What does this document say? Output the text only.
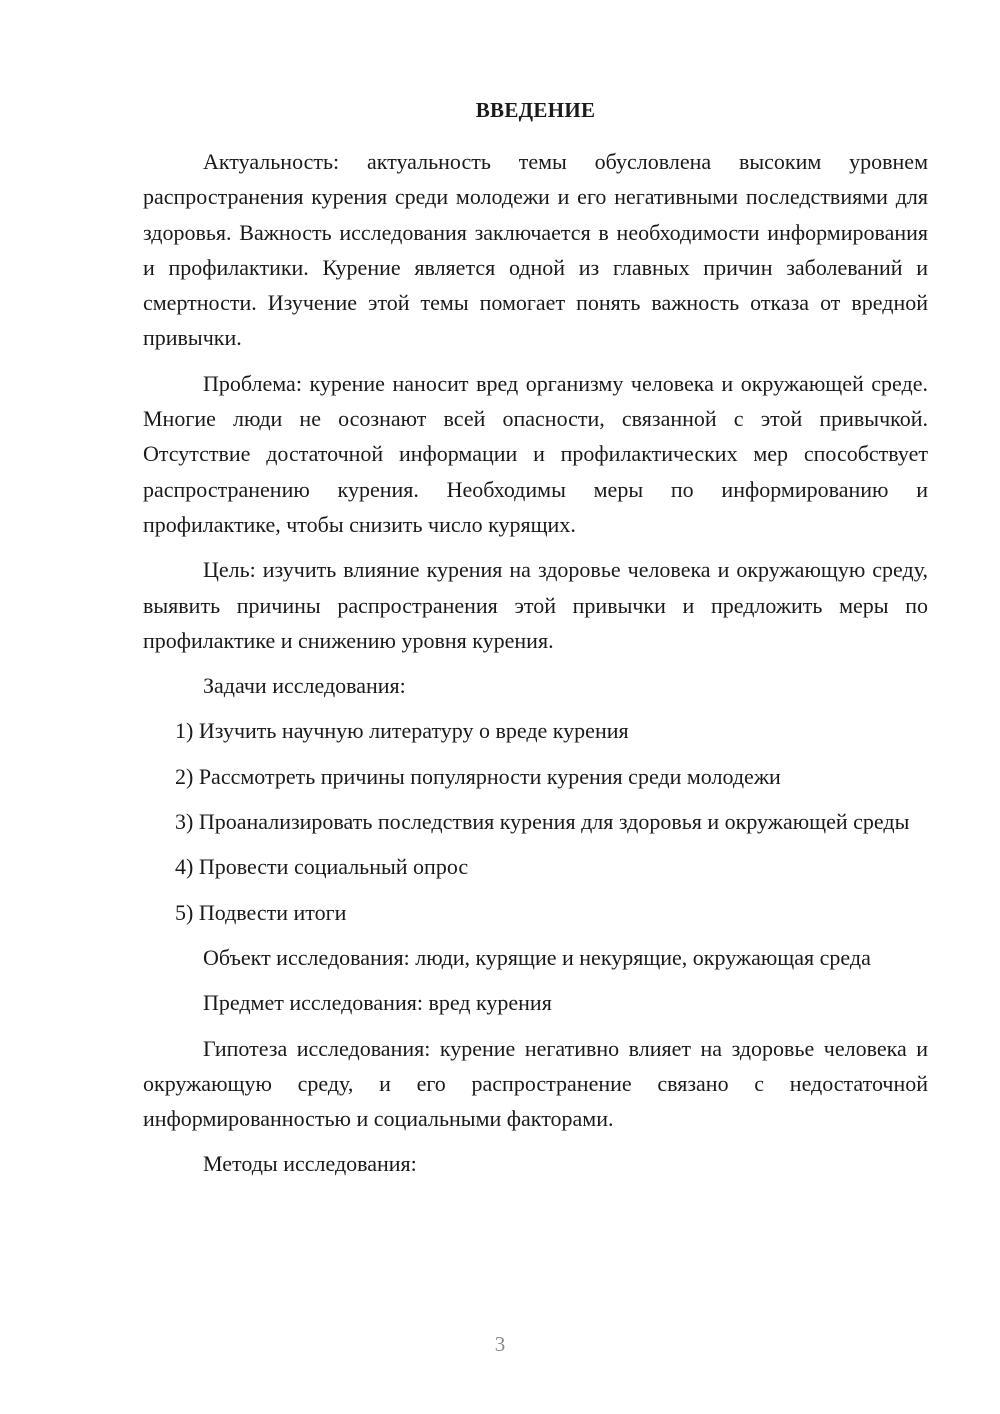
ВВЕДЕНИЕ

Актуальность: актуальность темы обусловлена высоким уровнем распространения курения среди молодежи и его негативными последствиями для здоровья. Важность исследования заключается в необходимости информирования и профилактики. Курение является одной из главных причин заболеваний и смертности. Изучение этой темы помогает понять важность отказа от вредной привычки.

Проблема: курение наносит вред организму человека и окружающей среде. Многие люди не осознают всей опасности, связанной с этой привычкой. Отсутствие достаточной информации и профилактических мер способствует распространению курения. Необходимы меры по информированию и профилактике, чтобы снизить число курящих.

Цель: изучить влияние курения на здоровье человека и окружающую среду, выявить причины распространения этой привычки и предложить меры по профилактике и снижению уровня курения.

Задачи исследования:

1) Изучить научную литературу о вреде курения

2) Рассмотреть причины популярности курения среди молодежи

3) Проанализировать последствия курения для здоровья и окружающей среды

4) Провести социальный опрос

5) Подвести итоги

Объект исследования: люди, курящие и некурящие, окружающая среда

Предмет исследования: вред курения

Гипотеза исследования: курение негативно влияет на здоровье человека и окружающую среду, и его распространение связано с недостаточной информированностью и социальными факторами.

Методы исследования:

3
